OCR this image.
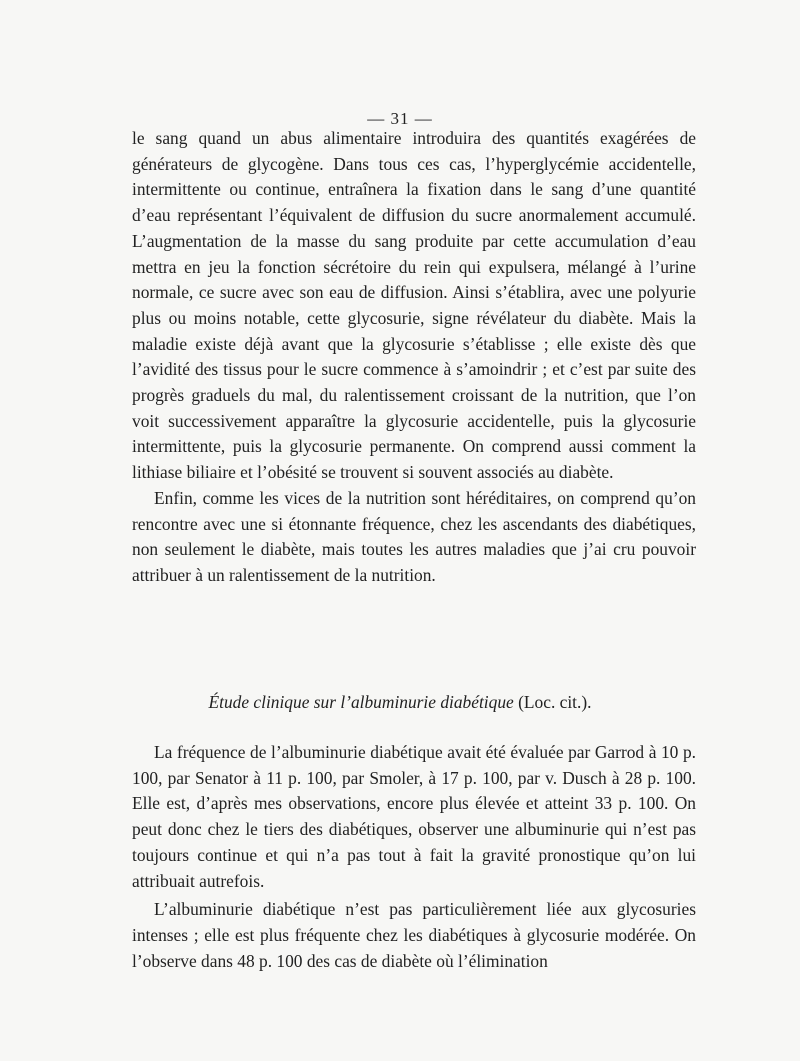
— 31 —

le sang quand un abus alimentaire introduira des quantités exagérées de générateurs de glycogène. Dans tous ces cas, l’hyperglycémie accidentelle, intermittente ou continue, entraînera la fixation dans le sang d’une quantité d’eau représentant l’équivalent de diffusion du sucre anormalement accumulé. L’augmentation de la masse du sang produite par cette accumulation d’eau mettra en jeu la fonction sécrétoire du rein qui expulsera, mélangé à l’urine normale, ce sucre avec son eau de diffusion. Ainsi s’établira, avec une polyurie plus ou moins notable, cette glycosurie, signe révélateur du diabète. Mais la maladie existe déjà avant que la glycosurie s’établisse ; elle existe dès que l’avidité des tissus pour le sucre commence à s’amoindrir ; et c’est par suite des progrès graduels du mal, du ralentissement croissant de la nutrition, que l’on voit successivement apparaître la glycosurie accidentelle, puis la glycosurie intermittente, puis la glycosurie permanente. On comprend aussi comment la lithiase biliaire et l’obésité se trouvent si souvent associés au diabète.

Enfin, comme les vices de la nutrition sont héréditaires, on comprend qu’on rencontre avec une si étonnante fréquence, chez les ascendants des diabétiques, non seulement le diabète, mais toutes les autres maladies que j’ai cru pouvoir attribuer à un ralentissement de la nutrition.

Étude clinique sur l’albuminurie diabétique (Loc. cit.).

La fréquence de l’albuminurie diabétique avait été évaluée par Garrod à 10 p. 100, par Senator à 11 p. 100, par Smoler, à 17 p. 100, par v. Dusch à 28 p. 100. Elle est, d’après mes observations, encore plus élevée et atteint 33 p. 100. On peut donc chez le tiers des diabétiques, observer une albuminurie qui n’est pas toujours continue et qui n’a pas tout à fait la gravité pronostique qu’on lui attribuait autrefois.

L’albuminurie diabétique n’est pas particulièrement liée aux glycosuries intenses ; elle est plus fréquente chez les diabétiques à glycosurie modérée. On l’observe dans 48 p. 100 des cas de diabète où l’élimination
